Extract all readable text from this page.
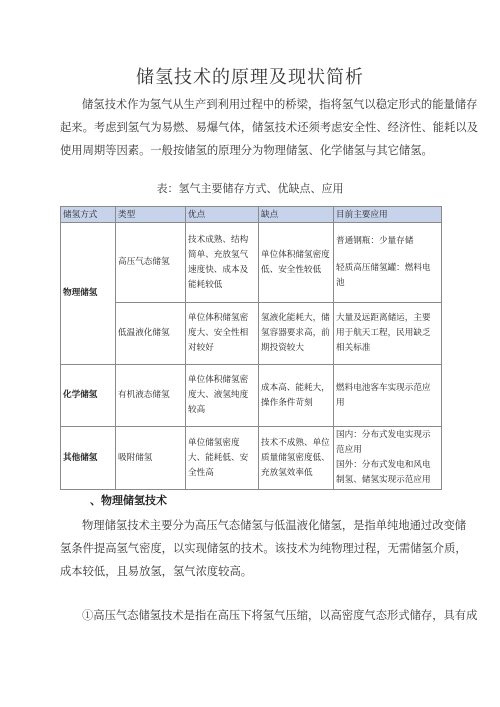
储氢技术的原理及现状简析
储氢技术作为氢气从生产到利用过程中的桥梁，指将氢气以稳定形式的能量储存
起来。考虑到氢气为易燃、易爆气体，储氢技术还须考虑安全性、经济性、能耗以及
使用周期等因素。一般按储氢的原理分为物理储氢、化学储氢与其它储氢。
表：氢气主要储存方式、优缺点、应用
储氢方式	类型	优点	缺点	目前主要应用
物理储氢	高压气态储氢	技术成熟、结构简单、充放氢气速度快、成本及能耗较低	单位体积储氢密度低、安全性较低	普通钢瓶：少量存储
轻质高压储氢罐：燃料电池

	低温液化储氢	单位体积储氢密度大、安全性相对较好	氢液化能耗大，储氢容器要求高，前期投资较大	大量及远距离储运，主要用于航天工程，民用缺乏相关标准
化学储氢	有机液态储氢	单位体积储氢密度大、液氢纯度较高	成本高、能耗大，操作条件苛刻	燃料电池客车实现示范应用
其他储氢	吸附储氢	单位储氢密度大、能耗低、安全性高	技术不成熟、单位质量储氢密度低、充放氢效率低	国内：分布式发电实现示范应用
国外：分布式发电和风电制氢、储氢实现示范应用
、物理储氢技术
物理储氢技术主要分为高压气态储氢与低温液化储氢，是指单纯地通过改变储
氢条件提高氢气密度，以实现储氢的技术。该技术为纯物理过程，无需储氢介质，
成本较低，且易放氢，氢气浓度较高。
①高压气态储氢技术是指在高压下将氢气压缩，以高密度气态形式储存，具有成
